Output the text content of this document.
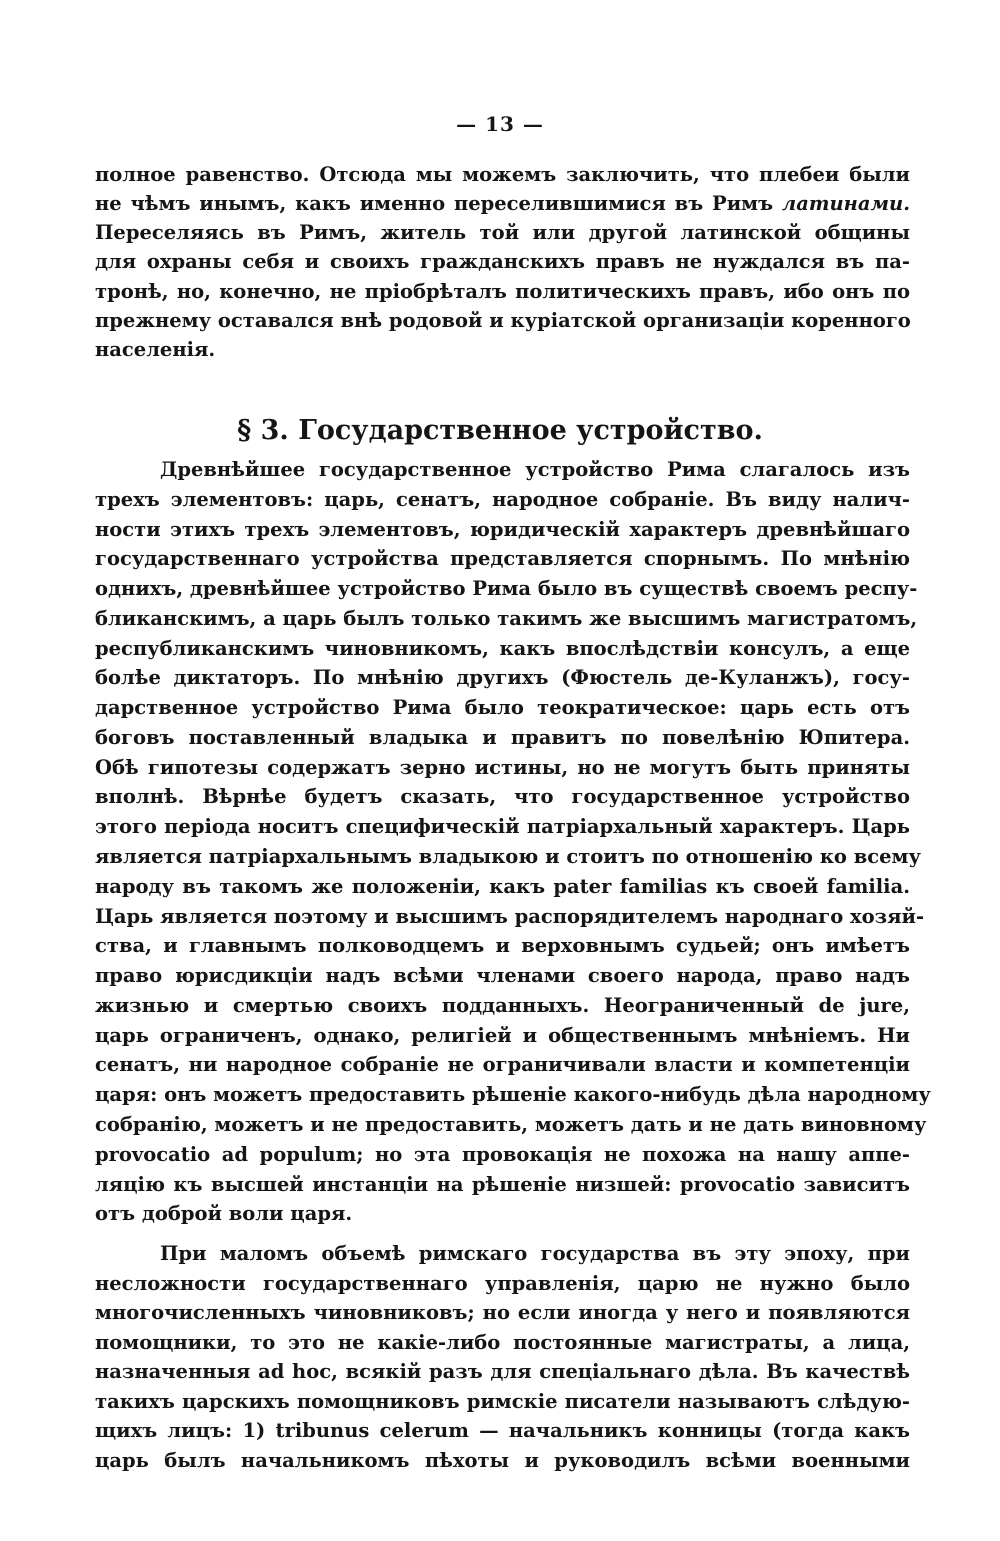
— 13 —
полное равенство. Отсюда мы можемъ заключить, что плебеи были
не чѣмъ инымъ, какъ именно переселившимися въ Римъ латинами.
Переселяясь въ Римъ, житель той или другой латинской общины
для охраны себя и своихъ гражданскихъ правъ не нуждался въ па-
тронѣ, но, конечно, не пріобрѣталъ политическихъ правъ, ибо онъ по
прежнему оставался внѣ родовой и куріатской организаціи коренного
населенія.
§ 3. Государственное устройство.
Древнѣйшее государственное устройство Рима слагалось изъ
трехъ элементовъ: царь, сенатъ, народное собраніе. Въ виду налич-
ности этихъ трехъ элементовъ, юридическій характеръ древнѣйшаго
государственнаго устройства представляется спорнымъ. По мнѣнію
однихъ, древнѣйшее устройство Рима было въ существѣ своемъ респу-
бликанскимъ, а царь былъ только такимъ же высшимъ магистратомъ,
республиканскимъ чиновникомъ, какъ впослѣдствіи консулъ, а еще
болѣе диктаторъ. По мнѣнію другихъ (Фюстель де-Куланжъ), госу-
дарственное устройство Рима было теократическое: царь есть отъ
боговъ поставленный владыка и правитъ по повелѣнію Юпитера.
Обѣ гипотезы содержатъ зерно истины, но не могутъ быть приняты
вполнѣ. Вѣрнѣе будетъ сказать, что государственное устройство
этого періода носитъ специфическій патріархальный характеръ. Царь
является патріархальнымъ владыкою и стоитъ по отношенію ко всему
народу въ такомъ же положеніи, какъ pater familias къ своей familia.
Царь является поэтому и высшимъ распорядителемъ народнаго хозяй-
ства, и главнымъ полководцемъ и верховнымъ судьей; онъ имѣетъ
право юрисдикціи надъ всѣми членами своего народа, право надъ
жизнью и смертью своихъ подданныхъ. Неограниченный de jure,
царь ограниченъ, однако, религіей и общественнымъ мнѣніемъ. Ни
сенатъ, ни народное собраніе не ограничивали власти и компетенціи
царя: онъ можетъ предоставить рѣшеніе какого-нибудь дѣла народному
собранію, можетъ и не предоставить, можетъ дать и не дать виновному
provocatio ad populum; но эта провокація не похожа на нашу аппе-
ляцію къ высшей инстанціи на рѣшеніе низшей: provocatio зависитъ
отъ доброй воли царя.
При маломъ объемѣ римскаго государства въ эту эпоху, при
несложности государственнаго управленія, царю не нужно было
многочисленныхъ чиновниковъ; но если иногда у него и появляются
помощники, то это не какіе-либо постоянные магистраты, а лица,
назначенныя ad hoc, всякій разъ для спеціальнаго дѣла. Въ качествѣ
такихъ царскихъ помощниковъ римскіе писатели называютъ слѣдую-
щихъ лицъ: 1) tribunus celerum — начальникъ конницы (тогда какъ
царь былъ начальникомъ пѣхоты и руководилъ всѣми военными
